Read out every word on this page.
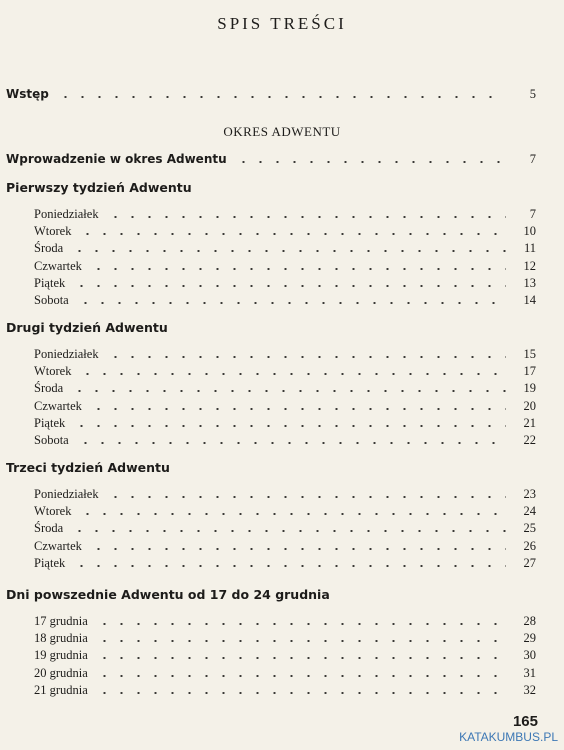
SPIS TREŚCI
Wstęp	5
OKRES ADWENTU
Wprowadzenie w okres Adwentu	7
Pierwszy tydzień Adwentu
Poniedziałek	7
Wtorek	10
Środa	11
Czwartek	12
Piątek	13
Sobota	14
Drugi tydzień Adwentu
Poniedziałek	15
Wtorek	17
Środa	19
Czwartek	20
Piątek	21
Sobota	22
Trzeci tydzień Adwentu
Poniedziałek	23
Wtorek	24
Środa	25
Czwartek	26
Piątek	27
Dni powszednie Adwentu od 17 do 24 grudnia
17 grudnia	28
18 grudnia	29
19 grudnia	30
20 grudnia	31
21 grudnia	32
165
KATAKUMBUS.PL
